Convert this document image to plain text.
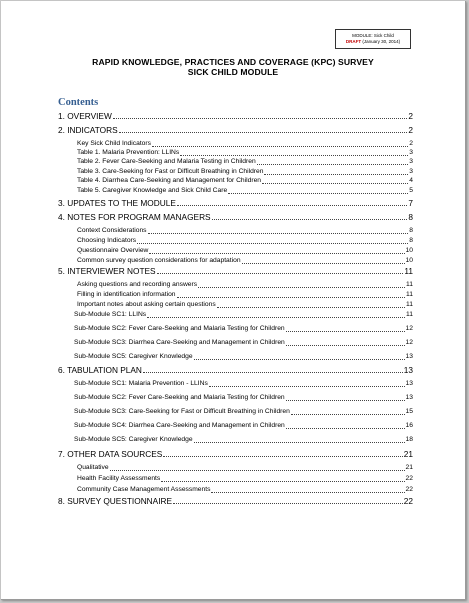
MODULE: Sick Child
DRAFT (January 30, 2014)
RAPID KNOWLEDGE, PRACTICES AND COVERAGE (KPC) SURVEY
SICK CHILD MODULE
Contents
1. OVERVIEW	2
2. INDICATORS	2
Key Sick Child Indicators	2
Table 1. Malaria Prevention: LLINs	3
Table 2. Fever Care-Seeking and Malaria Testing in Children	3
Table 3. Care-Seeking for Fast or Difficult Breathing in Children	3
Table 4. Diarrhea Care-Seeking and Management for Children	4
Table 5. Caregiver Knowledge and Sick Child Care	5
3. UPDATES TO THE MODULE	7
4. NOTES FOR PROGRAM MANAGERS	8
Context Considerations	8
Choosing Indicators	8
Questionnaire Overview	10
Common survey question considerations for adaptation	10
5. INTERVIEWER NOTES	11
Asking questions and recording answers	11
Filling in identification information	11
Important notes about asking certain questions	11
Sub-Module SC1: LLINs	11
Sub-Module SC2: Fever Care-Seeking and Malaria Testing for Children	12
Sub-Module SC3: Diarrhea Care-Seeking and Management in Children	12
Sub-Module SC5: Caregiver Knowledge	13
6. TABULATION PLAN	13
Sub-Module SC1: Malaria Prevention - LLINs	13
Sub-Module SC2: Fever Care-Seeking and Malaria Testing for Children	13
Sub-Module SC3: Care-Seeking for Fast or Difficult Breathing in Children	15
Sub-Module SC4: Diarrhea Care-Seeking and Management in Children	16
Sub-Module SC5: Caregiver Knowledge	18
7. OTHER DATA SOURCES	21
Qualitative	21
Health Facility Assessments	22
Community Case Management Assessments	22
8. SURVEY QUESTIONNAIRE	22
